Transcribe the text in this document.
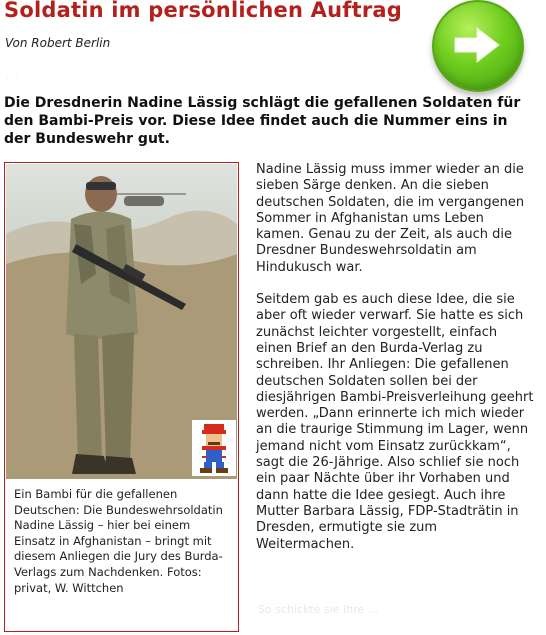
Soldatin im persönlichen Auftrag
Von Robert Berlin
· · · ·

Die Dresdnerin Nadine Lässig schlägt die gefallenen Soldaten für den Bambi-Preis vor. Diese Idee findet auch die Nummer eins in der Bundeswehr gut.

Ein Bambi für die gefallenen Deutschen: Die Bundeswehrsoldatin Nadine Lässig – hier bei einem Einsatz in Afghanistan – bringt mit diesem Anliegen die Jury des Burda-Verlags zum Nachdenken. Fotos: privat, W. Wittchen

Nadine Lässig muss immer wieder an die sieben Särge denken. An die sieben deutschen Soldaten, die im vergangenen Sommer in Afghanistan ums Leben kamen. Genau zu der Zeit, als auch die Dresdner Bundeswehrsoldatin am Hindukusch war.

Seitdem gab es auch diese Idee, die sie aber oft wieder verwarf. Sie hatte es sich zunächst leichter vorgestellt, einfach einen Brief an den Burda-Verlag zu schreiben. Ihr Anliegen: Die gefallenen deutschen Soldaten sollen bei der diesjährigen Bambi-Preisverleihung geehrt werden. „Dann erinnerte ich mich wieder an die traurige Stimmung im Lager, wenn jemand nicht vom Einsatz zurückkam“, sagt die 26-Jährige. Also schlief sie noch ein paar Nächte über ihr Vorhaben und dann hatte die Idee gesiegt. Auch ihre Mutter Barbara Lässig, FDP-Stadträtin in Dresden, ermutigte sie zum Weitermachen.

So schickte sie ihre ...
